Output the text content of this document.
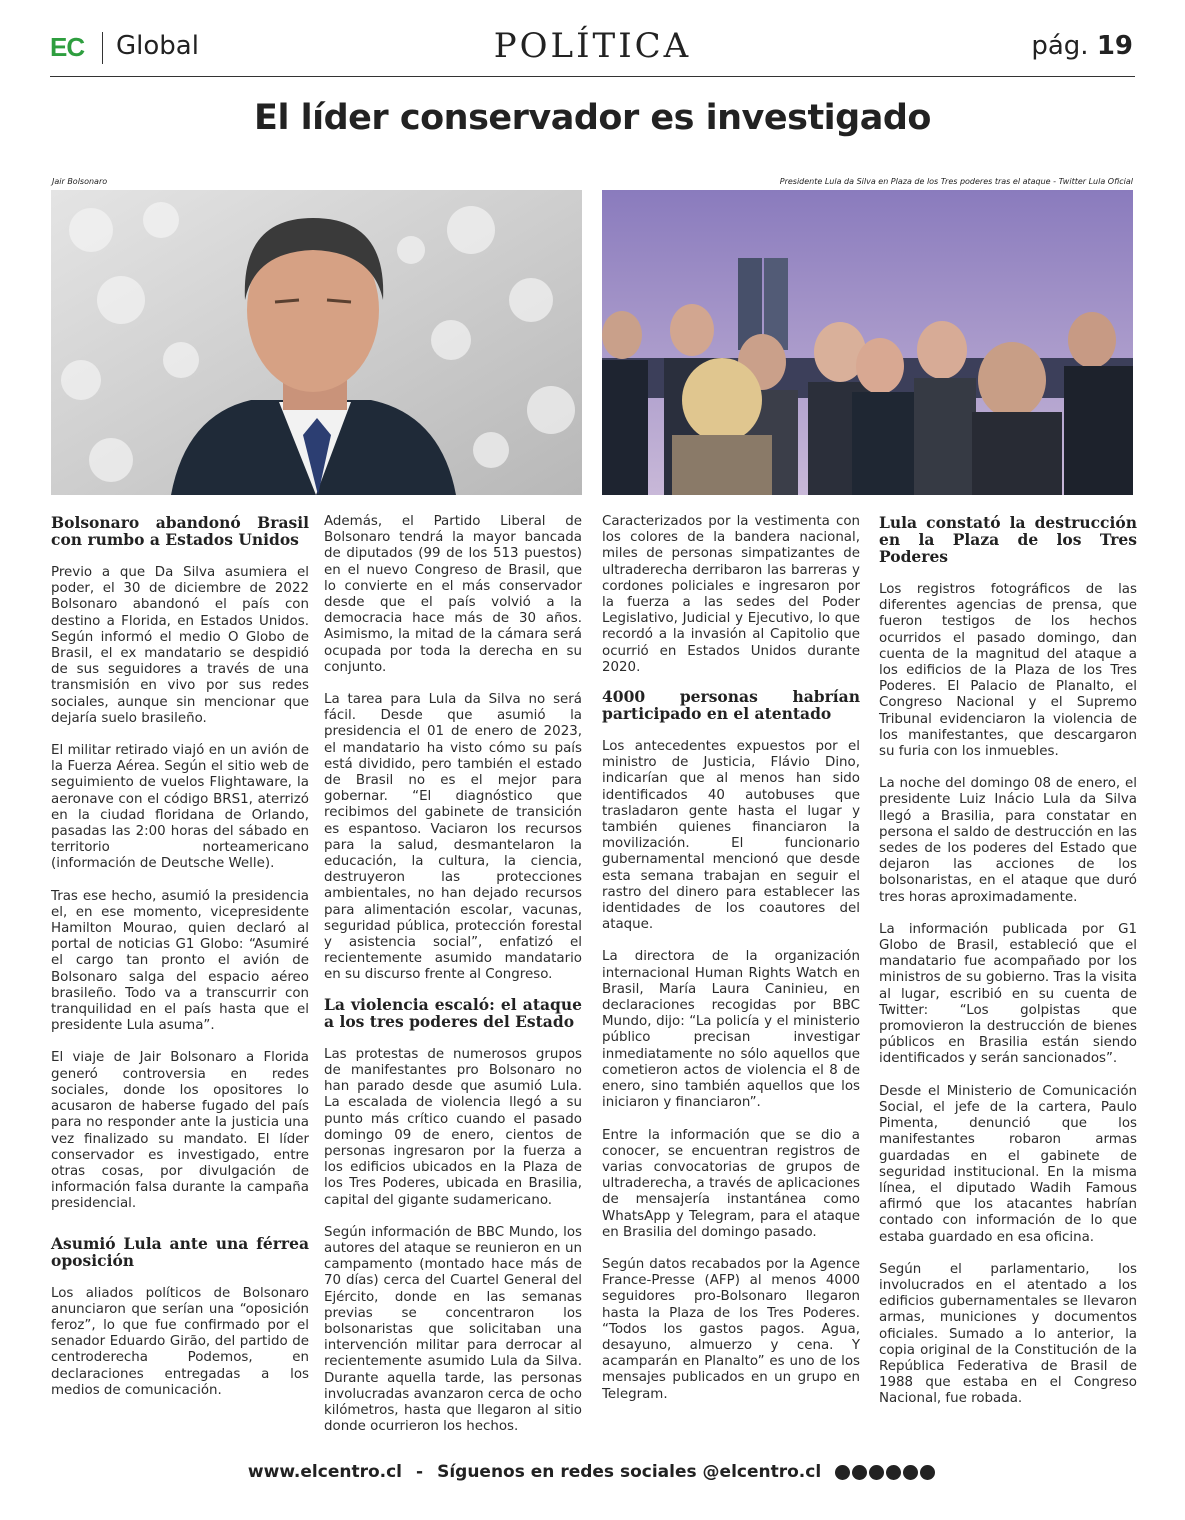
EC Global	POLÍTICA	pág. 19
El líder conservador es investigado
Jair Bolsonaro	Presidente Lula da Silva en Plaza de los Tres poderes tras el ataque - Twitter Lula Oficial
Bolsonaro abandonó Brasil con rumbo a Estados Unidos

Previo a que Da Silva asumiera el poder, el 30 de diciembre de 2022 Bolsonaro abandonó el país con destino a Florida, en Estados Unidos. Según informó el medio O Globo de Brasil, el ex mandatario se despidió de sus seguidores a través de una transmisión en vivo por sus redes sociales, aunque sin mencionar que dejaría suelo brasileño.

El militar retirado viajó en un avión de la Fuerza Aérea. Según el sitio web de seguimiento de vuelos Flightaware, la aeronave con el código BRS1, aterrizó en la ciudad floridana de Orlando, pasadas las 2:00 horas del sábado en territorio norteamericano (información de Deutsche Welle).

Tras ese hecho, asumió la presidencia el, en ese momento, vicepresidente Hamilton Mourao, quien declaró al portal de noticias G1 Globo: “Asumiré el cargo tan pronto el avión de Bolsonaro salga del espacio aéreo brasileño. Todo va a transcurrir con tranquilidad en el país hasta que el presidente Lula asuma”.

El viaje de Jair Bolsonaro a Florida generó controversia en redes sociales, donde los opositores lo acusaron de haberse fugado del país para no responder ante la justicia una vez finalizado su mandato. El líder conservador es investigado, entre otras cosas, por divulgación de información falsa durante la campaña presidencial.

Asumió Lula ante una férrea oposición

Los aliados políticos de Bolsonaro anunciaron que serían una “oposición feroz”, lo que fue confirmado por el senador Eduardo Girão, del partido de centroderecha Podemos, en declaraciones entregadas a los medios de comunicación.

Además, el Partido Liberal de Bolsonaro tendrá la mayor bancada de diputados (99 de los 513 puestos) en el nuevo Congreso de Brasil, que lo convierte en el más conservador desde que el país volvió a la democracia hace más de 30 años. Asimismo, la mitad de la cámara será ocupada por toda la derecha en su conjunto.

La tarea para Lula da Silva no será fácil. Desde que asumió la presidencia el 01 de enero de 2023, el mandatario ha visto cómo su país está dividido, pero también el estado de Brasil no es el mejor para gobernar. “El diagnóstico que recibimos del gabinete de transición es espantoso. Vaciaron los recursos para la salud, desmantelaron la educación, la cultura, la ciencia, destruyeron las protecciones ambientales, no han dejado recursos para alimentación escolar, vacunas, seguridad pública, protección forestal y asistencia social”, enfatizó el recientemente asumido mandatario en su discurso frente al Congreso.

La violencia escaló: el ataque a los tres poderes del Estado

Las protestas de numerosos grupos de manifestantes pro Bolsonaro no han parado desde que asumió Lula. La escalada de violencia llegó a su punto más crítico cuando el pasado domingo 09 de enero, cientos de personas ingresaron por la fuerza a los edificios ubicados en la Plaza de los Tres Poderes, ubicada en Brasilia, capital del gigante sudamericano.

Según información de BBC Mundo, los autores del ataque se reunieron en un campamento (montado hace más de 70 días) cerca del Cuartel General del Ejército, donde en las semanas previas se concentraron los bolsonaristas que solicitaban una intervención militar para derrocar al recientemente asumido Lula da Silva. Durante aquella tarde, las personas involucradas avanzaron cerca de ocho kilómetros, hasta que llegaron al sitio donde ocurrieron los hechos.

Caracterizados por la vestimenta con los colores de la bandera nacional, miles de personas simpatizantes de ultraderecha derribaron las barreras y cordones policiales e ingresaron por la fuerza a las sedes del Poder Legislativo, Judicial y Ejecutivo, lo que recordó a la invasión al Capitolio que ocurrió en Estados Unidos durante 2020.

4000 personas habrían participado en el atentado

Los antecedentes expuestos por el ministro de Justicia, Flávio Dino, indicarían que al menos han sido identificados 40 autobuses que trasladaron gente hasta el lugar y también quienes financiaron la movilización. El funcionario gubernamental mencionó que desde esta semana trabajan en seguir el rastro del dinero para establecer las identidades de los coautores del ataque.

La directora de la organización internacional Human Rights Watch en Brasil, María Laura Caninieu, en declaraciones recogidas por BBC Mundo, dijo: “La policía y el ministerio público precisan investigar inmediatamente no sólo aquellos que cometieron actos de violencia el 8 de enero, sino también aquellos que los iniciaron y financiaron”.

Entre la información que se dio a conocer, se encuentran registros de varias convocatorias de grupos de ultraderecha, a través de aplicaciones de mensajería instantánea como WhatsApp y Telegram, para el ataque en Brasilia del domingo pasado.

Según datos recabados por la Agence France-Presse (AFP) al menos 4000 seguidores pro-Bolsonaro llegaron hasta la Plaza de los Tres Poderes. “Todos los gastos pagos. Agua, desayuno, almuerzo y cena. Y acamparán en Planalto” es uno de los mensajes publicados en un grupo en Telegram.

Lula constató la destrucción en la Plaza de los Tres Poderes

Los registros fotográficos de las diferentes agencias de prensa, que fueron testigos de los hechos ocurridos el pasado domingo, dan cuenta de la magnitud del ataque a los edificios de la Plaza de los Tres Poderes. El Palacio de Planalto, el Congreso Nacional y el Supremo Tribunal evidenciaron la violencia de los manifestantes, que descargaron su furia con los inmuebles.

La noche del domingo 08 de enero, el presidente Luiz Inácio Lula da Silva llegó a Brasilia, para constatar en persona el saldo de destrucción en las sedes de los poderes del Estado que dejaron las acciones de los bolsonaristas, en el ataque que duró tres horas aproximadamente.

La información publicada por G1 Globo de Brasil, estableció que el mandatario fue acompañado por los ministros de su gobierno. Tras la visita al lugar, escribió en su cuenta de Twitter: “Los golpistas que promovieron la destrucción de bienes públicos en Brasilia están siendo identificados y serán sancionados”.

Desde el Ministerio de Comunicación Social, el jefe de la cartera, Paulo Pimenta, denunció que los manifestantes robaron armas guardadas en el gabinete de seguridad institucional. En la misma línea, el diputado Wadih Famous afirmó que los atacantes habrían contado con información de lo que estaba guardado en esa oficina.

Según el parlamentario, los involucrados en el atentado a los edificios gubernamentales se llevaron armas, municiones y documentos oficiales. Sumado a lo anterior, la copia original de la Constitución de la República Federativa de Brasil de 1988 que estaba en el Congreso Nacional, fue robada.

www.elcentro.cl - Síguenos en redes sociales @elcentro.cl
